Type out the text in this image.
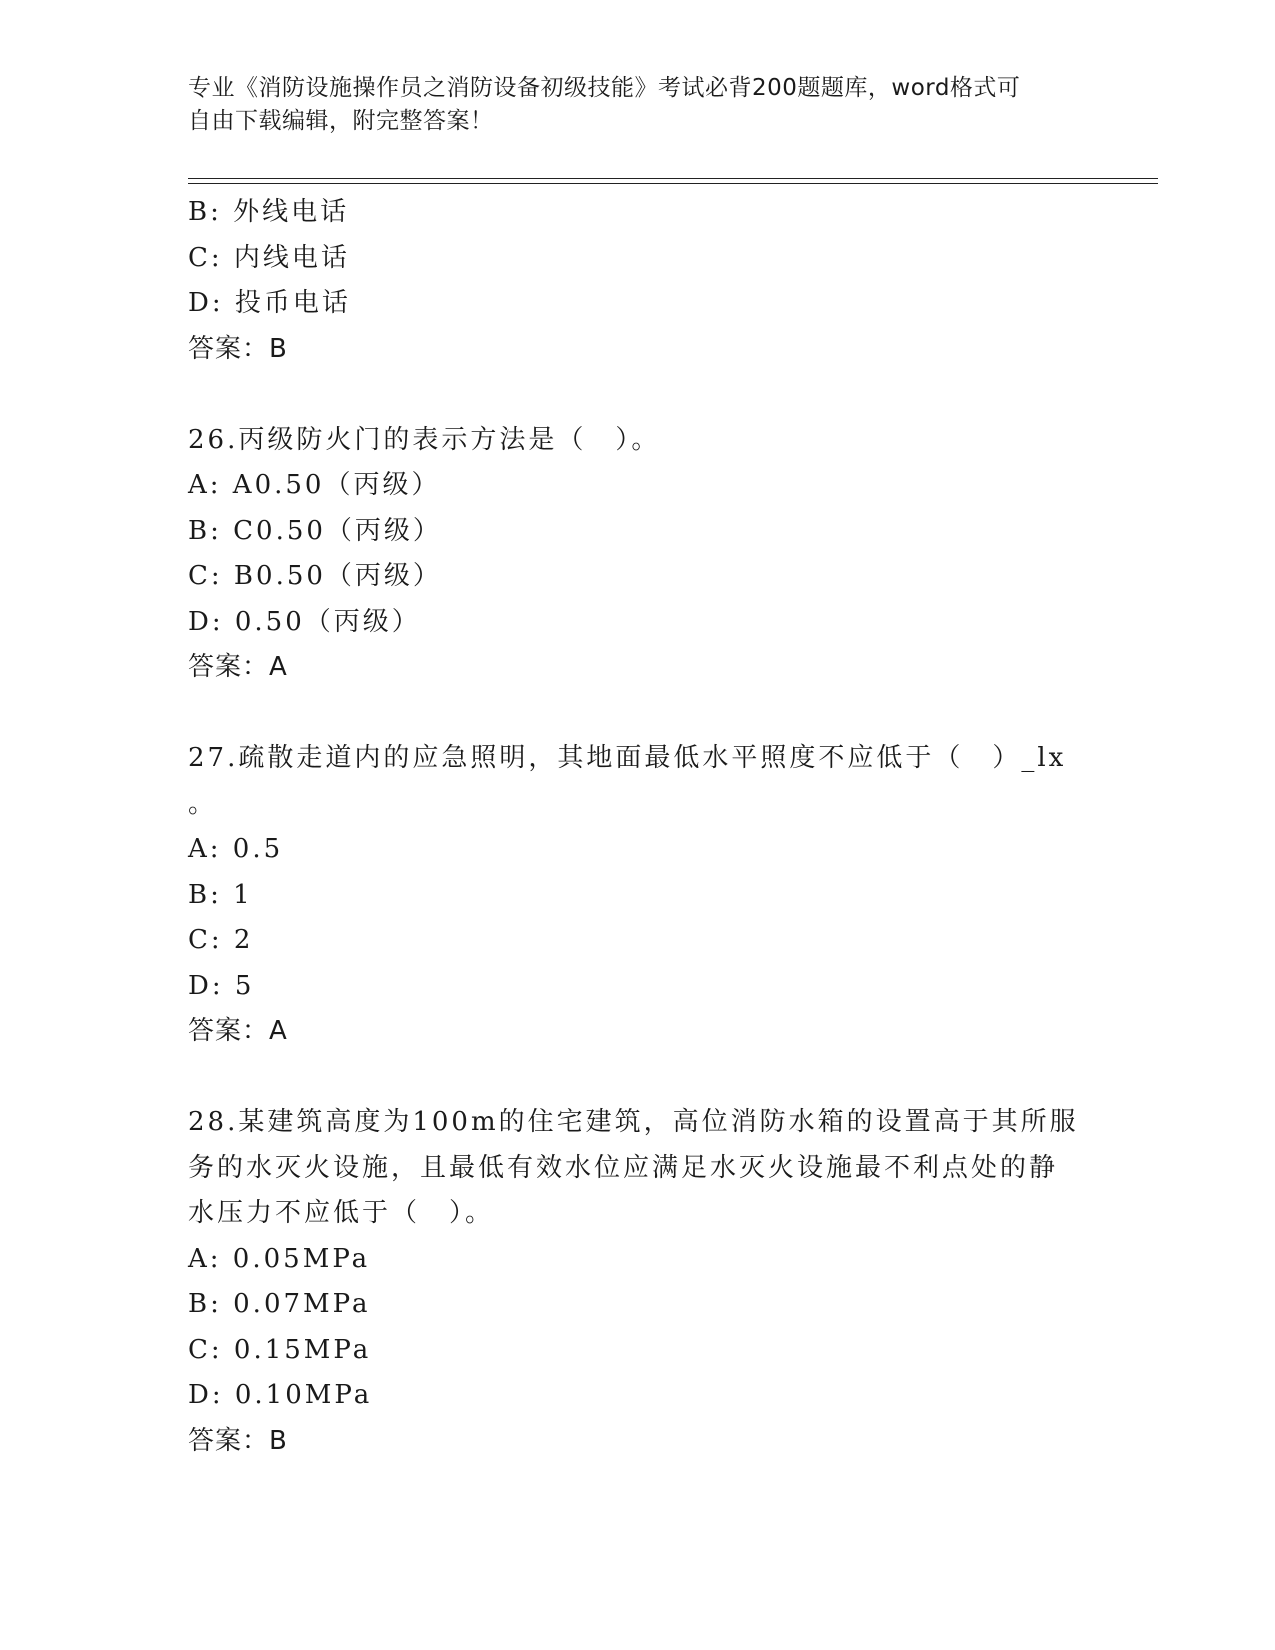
专业《消防设施操作员之消防设备初级技能》考试必背200题题库，word格式可
自由下载编辑，附完整答案！
B: 外线电话
C: 内线电话
D: 投币电话
答案：B
26.丙级防火门的表示方法是（　）。
A: A0.50（丙级）
B: C0.50（丙级）
C: B0.50（丙级）
D: 0.50（丙级）
答案：A
27.疏散走道内的应急照明，其地面最低水平照度不应低于（　）_lx
。
A: 0.5
B: 1
C: 2
D: 5
答案：A
28.某建筑高度为100m的住宅建筑，高位消防水箱的设置高于其所服
务的水灭火设施，且最低有效水位应满足水灭火设施最不利点处的静
水压力不应低于（　）。
A: 0.05MPa
B: 0.07MPa
C: 0.15MPa
D: 0.10MPa
答案：B
